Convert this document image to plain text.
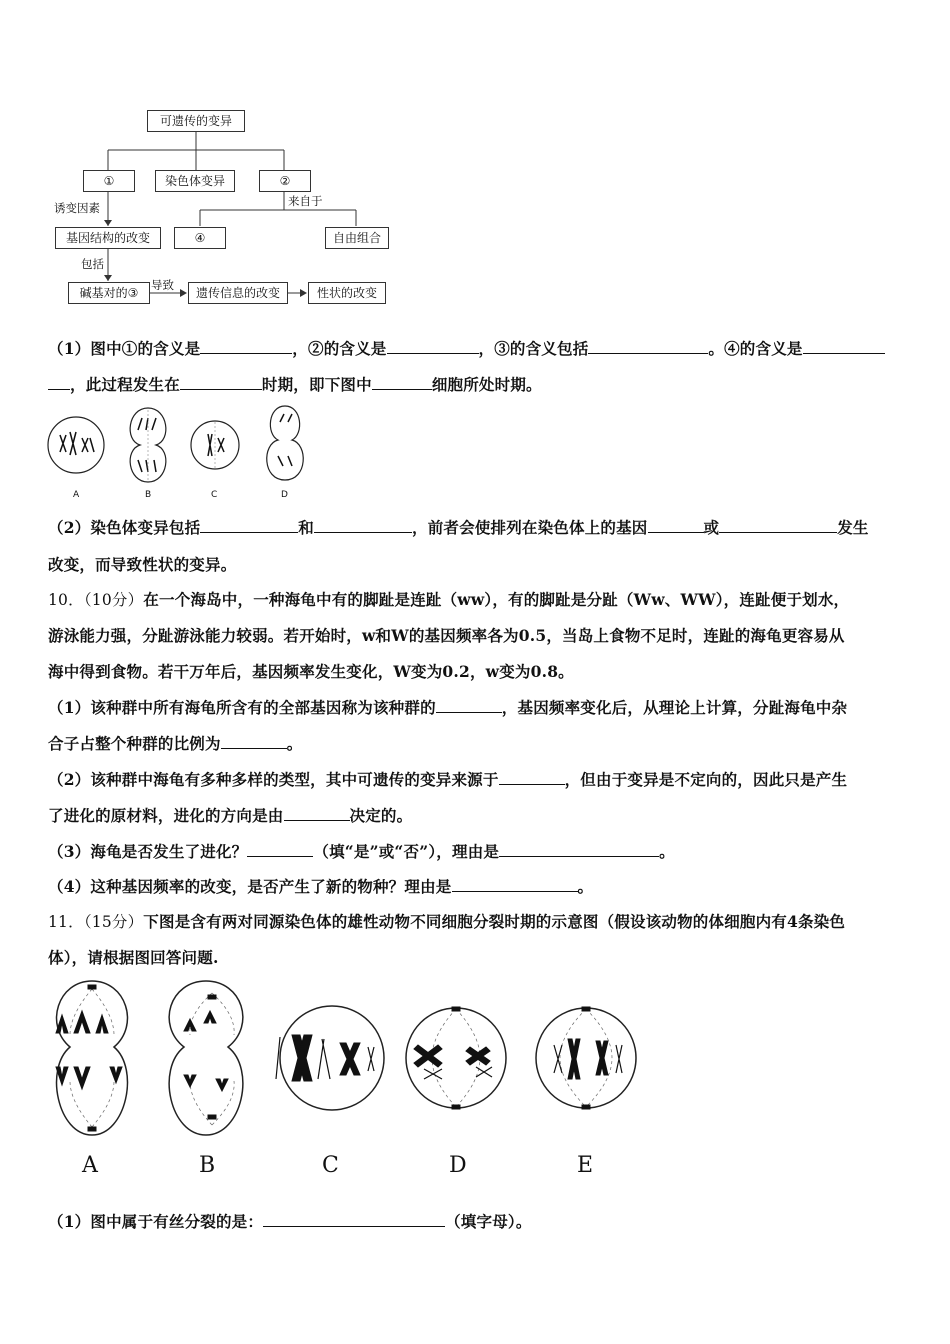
可遗传的变异
①	染色体变异	②
基因结构的改变	④	自由组合
碱基对的③	遗传信息的改变	性状的改变
诱变因素	来自于
包括
导致
（1）图中①的含义是	，②的含义是	，③的含义包括	。④的含义是
，此过程发生在	时期，即下图中	细胞所处时期。
A	B	C	D
（2）染色体变异包括	和	，前者会使排列在染色体上的基因	或	发生
改变，而导致性状的变异。
10．（10分）在一个海岛中，一种海龟中有的脚趾是连趾（ww），有的脚趾是分趾（Ww、WW），连趾便于划水，
游泳能力强，分趾游泳能力较弱。若开始时，w和W的基因频率各为0.5，当岛上食物不足时，连趾的海龟更容易从
海中得到食物。若干万年后，基因频率发生变化，W变为0.2，w变为0.8。
（1）该种群中所有海龟所含有的全部基因称为该种群的	，基因频率变化后，从理论上计算，分趾海龟中杂
合子占整个种群的比例为	。
（2）该种群中海龟有多种多样的类型，其中可遗传的变异来源于	，但由于变异是不定向的，因此只是产生
了进化的原材料，进化的方向是由	决定的。
（3）海龟是否发生了进化？	（填“是”或“否”），理由是	。
（4）这种基因频率的改变，是否产生了新的物种？理由是	。
11．（15分）下图是含有两对同源染色体的雄性动物不同细胞分裂时期的示意图（假设该动物的体细胞内有4条染色
体），请根据图回答问题.
A	B	C	D	E
（1）图中属于有丝分裂的是：	（填字母）。
